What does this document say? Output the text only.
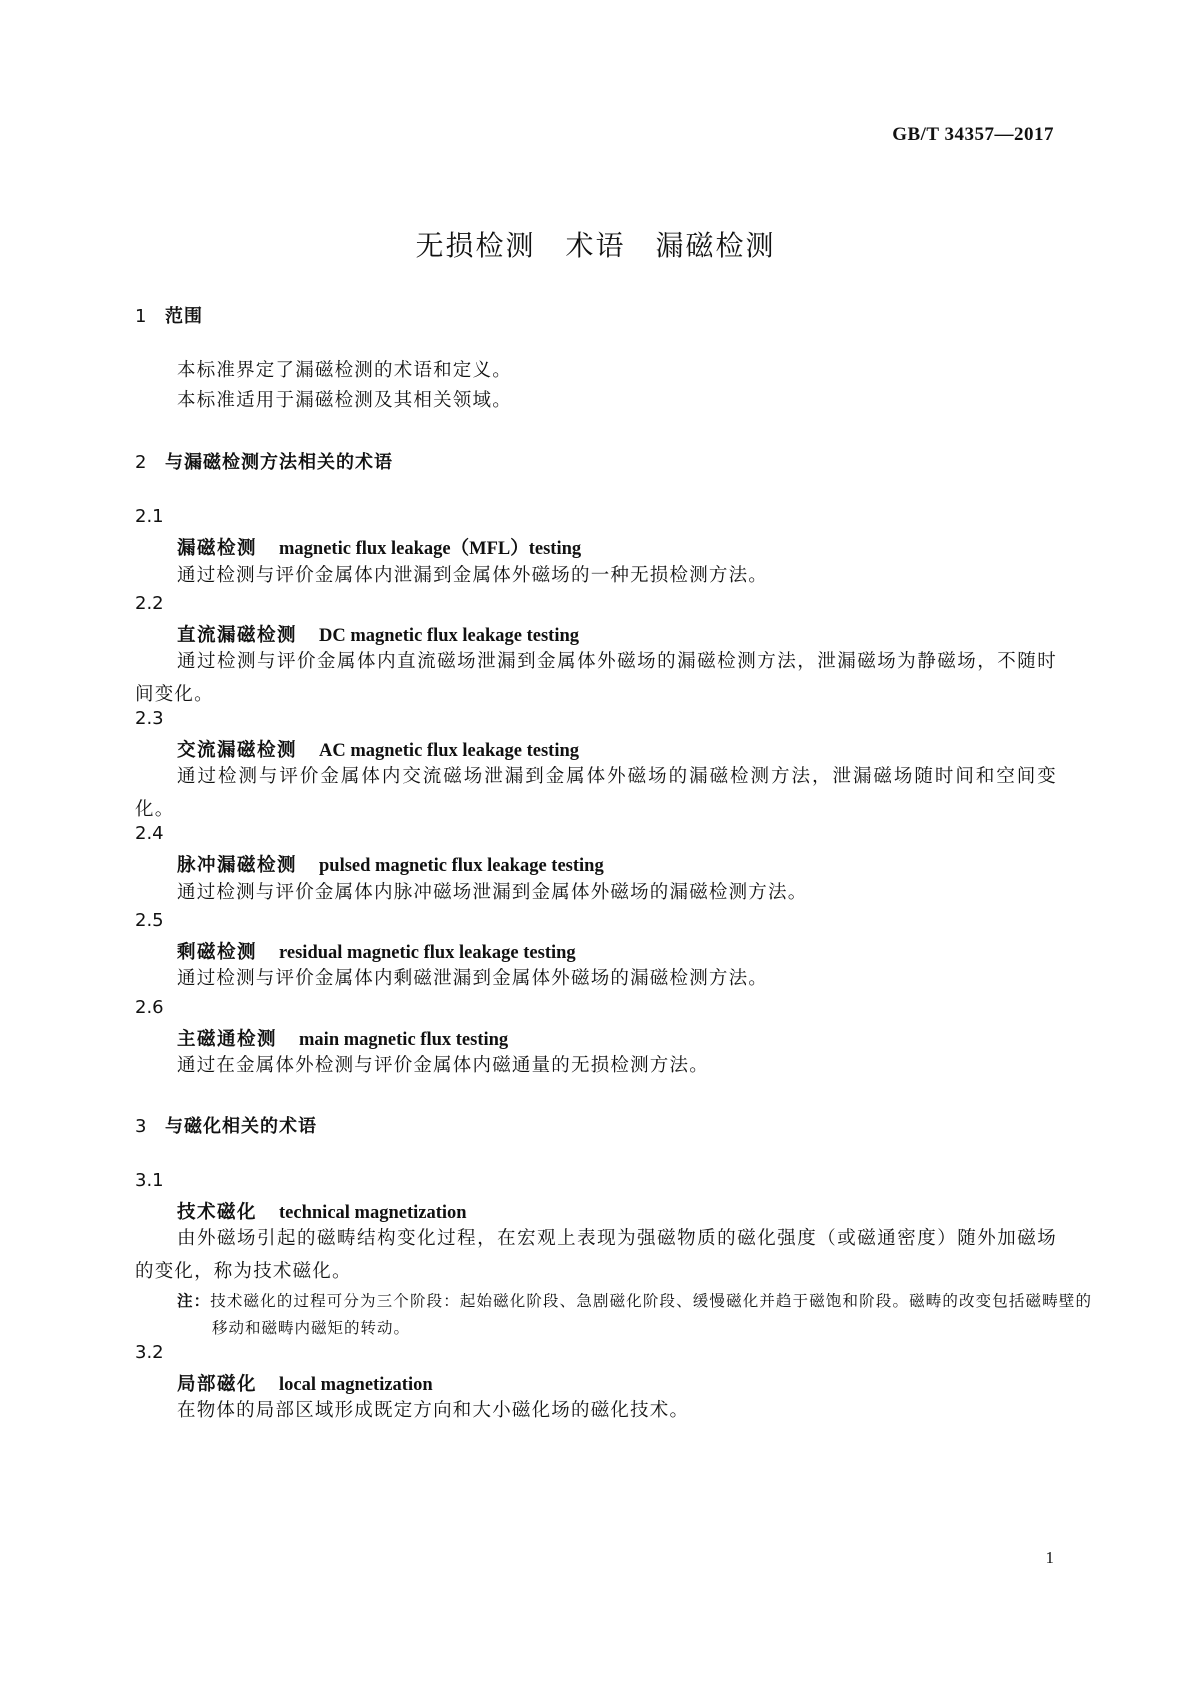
GB/T 34357—2017
无损检测　术语　漏磁检测
1 范围
本标准界定了漏磁检测的术语和定义。
本标准适用于漏磁检测及其相关领域。
2 与漏磁检测方法相关的术语
2.1
漏磁检测 magnetic flux leakage（MFL）testing
通过检测与评价金属体内泄漏到金属体外磁场的一种无损检测方法。
2.2
直流漏磁检测 DC magnetic flux leakage testing
通过检测与评价金属体内直流磁场泄漏到金属体外磁场的漏磁检测方法，泄漏磁场为静磁场，不随时间变化。
2.3
交流漏磁检测 AC magnetic flux leakage testing
通过检测与评价金属体内交流磁场泄漏到金属体外磁场的漏磁检测方法，泄漏磁场随时间和空间变化。
2.4
脉冲漏磁检测 pulsed magnetic flux leakage testing
通过检测与评价金属体内脉冲磁场泄漏到金属体外磁场的漏磁检测方法。
2.5
剩磁检测 residual magnetic flux leakage testing
通过检测与评价金属体内剩磁泄漏到金属体外磁场的漏磁检测方法。
2.6
主磁通检测 main magnetic flux testing
通过在金属体外检测与评价金属体内磁通量的无损检测方法。
3 与磁化相关的术语
3.1
技术磁化 technical magnetization
由外磁场引起的磁畴结构变化过程，在宏观上表现为强磁物质的磁化强度（或磁通密度）随外加磁场的变化，称为技术磁化。
注：技术磁化的过程可分为三个阶段：起始磁化阶段、急剧磁化阶段、缓慢磁化并趋于磁饱和阶段。磁畴的改变包括磁畴壁的移动和磁畴内磁矩的转动。
3.2
局部磁化 local magnetization
在物体的局部区域形成既定方向和大小磁化场的磁化技术。
1
